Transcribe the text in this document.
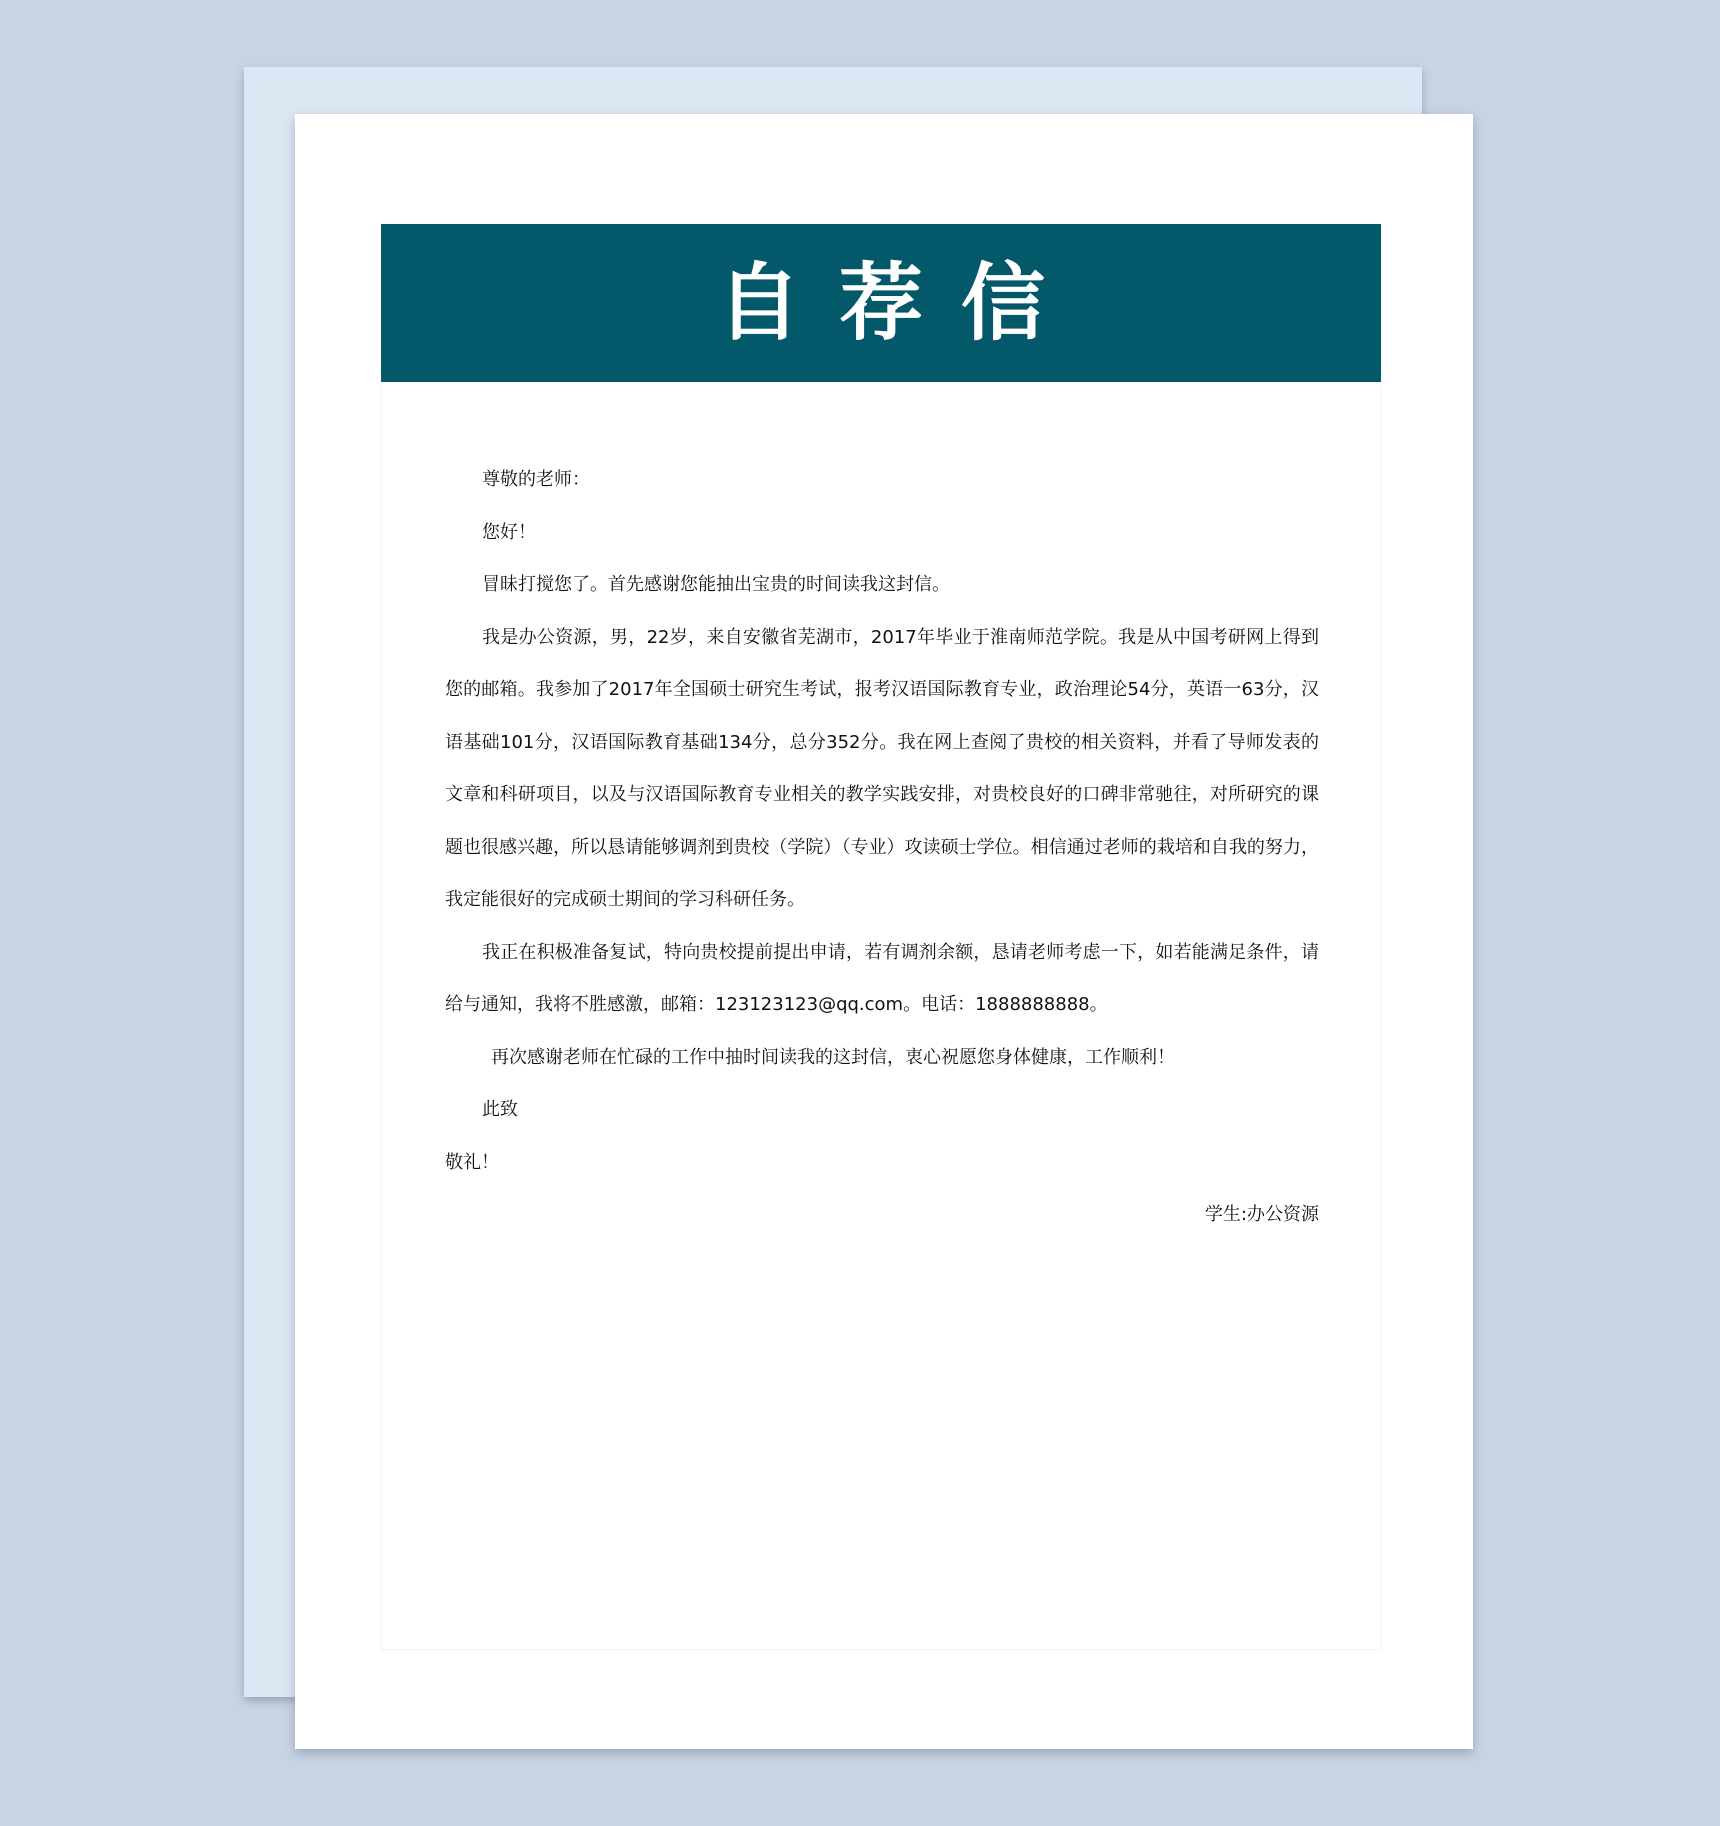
自荐信

尊敬的老师：

您好！

冒昧打搅您了。首先感谢您能抽出宝贵的时间读我这封信。

我是办公资源，男，22岁，来自安徽省芜湖市，2017年毕业于淮南师范学院。我是从中国考研网上得到您的邮箱。我参加了2017年全国硕士研究生考试，报考汉语国际教育专业，政治理论54分，英语一63分，汉语基础101分，汉语国际教育基础134分，总分352分。我在网上查阅了贵校的相关资料，并看了导师发表的文章和科研项目，以及与汉语国际教育专业相关的教学实践安排，对贵校良好的口碑非常驰往，对所研究的课题也很感兴趣，所以恳请能够调剂到贵校（学院）（专业）攻读硕士学位。相信通过老师的栽培和自我的努力，我定能很好的完成硕士期间的学习科研任务。

我正在积极准备复试，特向贵校提前提出申请，若有调剂余额，恳请老师考虑一下，如若能满足条件，请给与通知，我将不胜感激，邮箱：123123123@qq.com。电话：1888888888。

再次感谢老师在忙碌的工作中抽时间读我的这封信，衷心祝愿您身体健康，工作顺利！

此致

敬礼！

学生:办公资源
